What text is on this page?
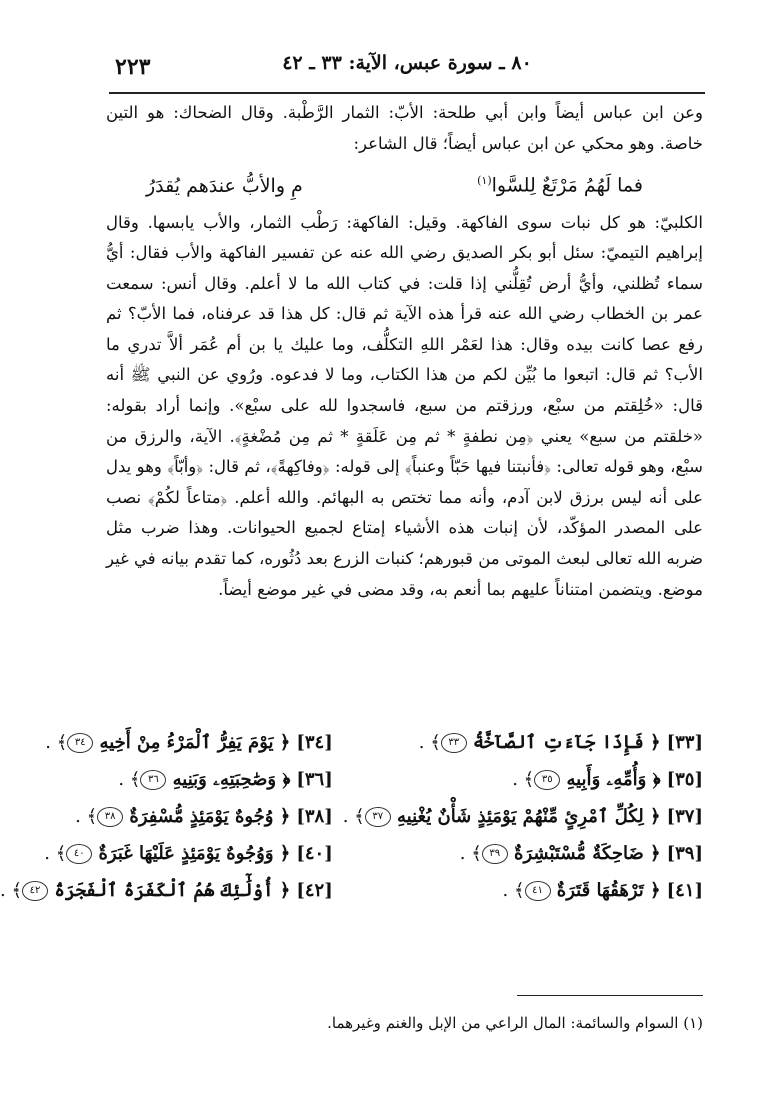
٢٢٣	٨٠ ـ سورة عبس، الآية: ٣٣ ـ ٤٢

وعن ابن عباس أيضاً وابن أبي طلحة: الأبّ: الثمار الرَّطْبة. وقال الضحاك: هو التين خاصة. وهو محكي عن ابن عباس أيضاً؛ قال الشاعر:

فما لَهُمُ مَرْتَعٌ لِلسَّوا$^{(١)}$
مِ والأبُّ عندَهم يُقدَرُ

الكلبيّ: هو كل نبات سوى الفاكهة. وقيل: الفاكهة: رَطْب الثمار، والأب يابسها. وقال إبراهيم التيميّ: سئل أبو بكر الصديق رضي الله عنه عن تفسير الفاكهة والأب فقال: أيُّ سماء تُظلني، وأيُّ أرض تُقِلُّني إذا قلت: في كتاب الله ما لا أعلم. وقال أنس: سمعت عمر بن الخطاب رضي الله عنه قرأ هذه الآية ثم قال: كل هذا قد عرفناه، فما الأبّ؟ ثم رفع عصا كانت بيده وقال: هذا لعَمْر اللهِ التكلُّف، وما عليك يا بن أم عُمَر ألاَّ تدري ما الأب؟ ثم قال: اتبعوا ما بُيِّن لكم من هذا الكتاب، وما لا فدعوه. ورُوي عن النبي ﷺ أنه قال: «خُلِقتم من سبْع، ورزقتم من سبع، فاسجدوا لله على سبْع». وإنما أراد بقوله: «خلقتم من سبع» يعني ﴿مِن نطفةٍ * ثم مِن عَلَقةٍ * ثم مِن مُضْغةٍ﴾. الآية، والرزق من سبْع، وهو قوله تعالى: ﴿فأنبتنا فيها حَبّاً وعنباً﴾ إلى قوله: ﴿وفاكِهةً﴾، ثم قال: ﴿وأبّاً﴾ وهو يدل على أنه ليس برزق لابن آدم، وأنه مما تختص به البهائم. والله أعلم. ﴿متاعاً لكُمْ﴾ نصب على المصدر المؤكّد، لأن إنبات هذه الأشياء إمتاع لجميع الحيوانات. وهذا ضرب مثل ضربه الله تعالى لبعث الموتى من قبورهم؛ كنبات الزرع بعد دُثُوره، كما تقدم بيانه في غير موضع. ويتضمن امتناناً عليهم بما أنعم به، وقد مضى في غير موضع أيضاً.

[٣٣]﴿ فَإِذَا جَآءَتِ ٱلصَّآخَّةُ ٣٣﴾ .
[٣٤]﴿ يَوْمَ يَفِرُّ ٱلْمَرْءُ مِنْ أَخِيهِ ٣٤﴾ .
[٣٥]﴿ وَأُمِّهِۦ وَأَبِيهِ ٣٥﴾ .
[٣٦]﴿ وَصَٰحِبَتِهِۦ وَبَنِيهِ ٣٦﴾ .
[٣٧]﴿ لِكُلِّ ٱمْرِئٍ مِّنْهُمْ يَوْمَئِذٍ شَأْنٌ يُغْنِيهِ ٣٧﴾ .
[٣٨]﴿ وُجُوهٌ يَوْمَئِذٍ مُّسْفِرَةٌ ٣٨﴾ .
[٣٩]﴿ ضَاحِكَةٌ مُّسْتَبْشِرَةٌ ٣٩﴾ .
[٤٠]﴿ وَوُجُوهٌ يَوْمَئِذٍ عَلَيْهَا غَبَرَةٌ ٤٠﴾ .
[٤١]﴿ تَرْهَقُهَا قَتَرَةٌ ٤١﴾ .
[٤٢]﴿ أُوْلَٰٓئِكَ هُمُ ٱلْكَفَرَةُ ٱلْفَجَرَةُ ٤٢﴾ .
(١) السوام والسائمة: المال الراعي من الإبل والغنم وغيرهما.
